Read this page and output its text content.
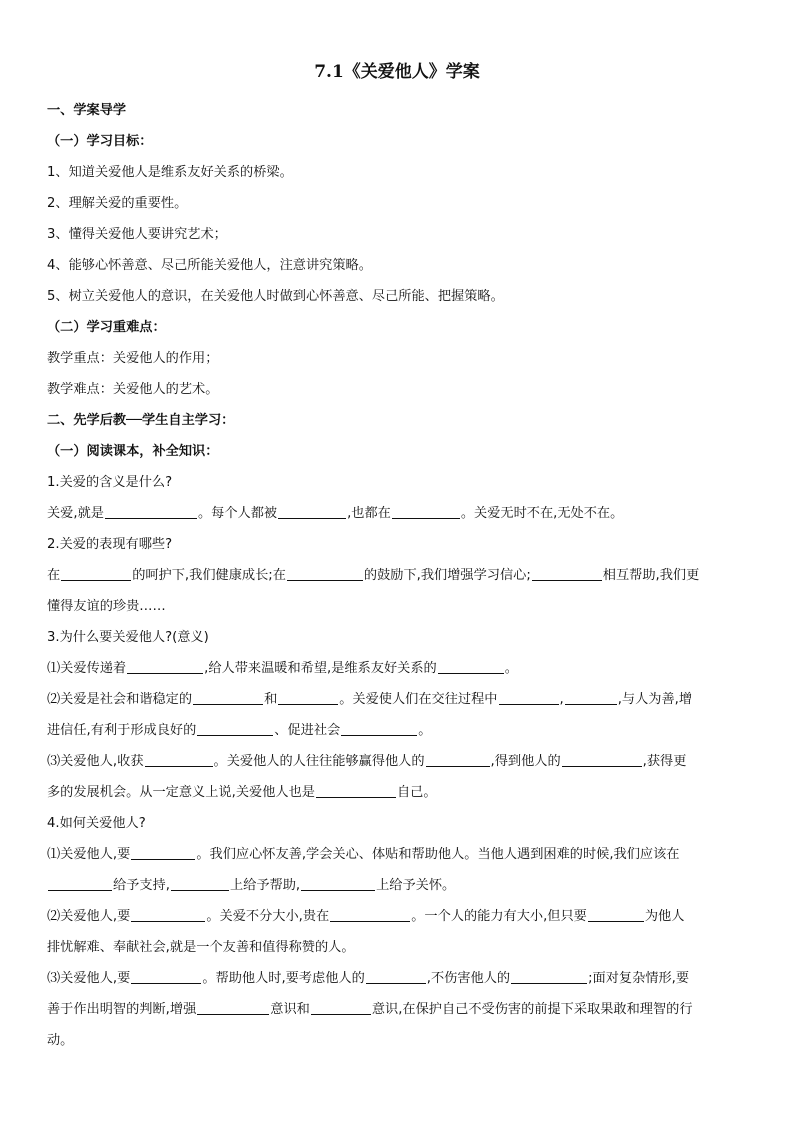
7.1《关爱他人》学案

一、学案导学

（一）学习目标：

1、知道关爱他人是维系友好关系的桥梁。

2、理解关爱的重要性。

3、懂得关爱他人要讲究艺术；

4、能够心怀善意、尽己所能关爱他人，注意讲究策略。

5、树立关爱他人的意识，在关爱他人时做到心怀善意、尽己所能、把握策略。

（二）学习重难点：

教学重点：关爱他人的作用；

教学难点：关爱他人的艺术。

二、先学后教──学生自主学习：

（一）阅读课本，补全知识：

1.关爱的含义是什么?

关爱,就是	。每个人都被	,也都在	。关爱无时不在,无处不在。

2.关爱的表现有哪些?

在	的呵护下,我们健康成长;在	的鼓励下,我们增强学习信心;	相互帮助,我们更

懂得友谊的珍贵……

3.为什么要关爱他人?(意义)

⑴关爱传递着	,给人带来温暖和希望,是维系友好关系的	。

⑵关爱是社会和谐稳定的	和	。关爱使人们在交往过程中	,	,与人为善,增

进信任,有利于形成良好的	、促进社会	。

⑶关爱他人,收获	。关爱他人的人往往能够赢得他人的	,得到他人的	,获得更

多的发展机会。从一定意义上说,关爱他人也是	自己。

4.如何关爱他人?

⑴关爱他人,要	。我们应心怀友善,学会关心、体贴和帮助他人。当他人遇到困难的时候,我们应该在

给予支持,	上给予帮助,	上给予关怀。

⑵关爱他人,要	。关爱不分大小,贵在	。一个人的能力有大小,但只要	为他人

排忧解难、奉献社会,就是一个友善和值得称赞的人。

⑶关爱他人,要	。帮助他人时,要考虑他人的	,不伤害他人的	;面对复杂情形,要

善于作出明智的判断,增强	意识和	意识,在保护自己不受伤害的前提下采取果敢和理智的行

动。
